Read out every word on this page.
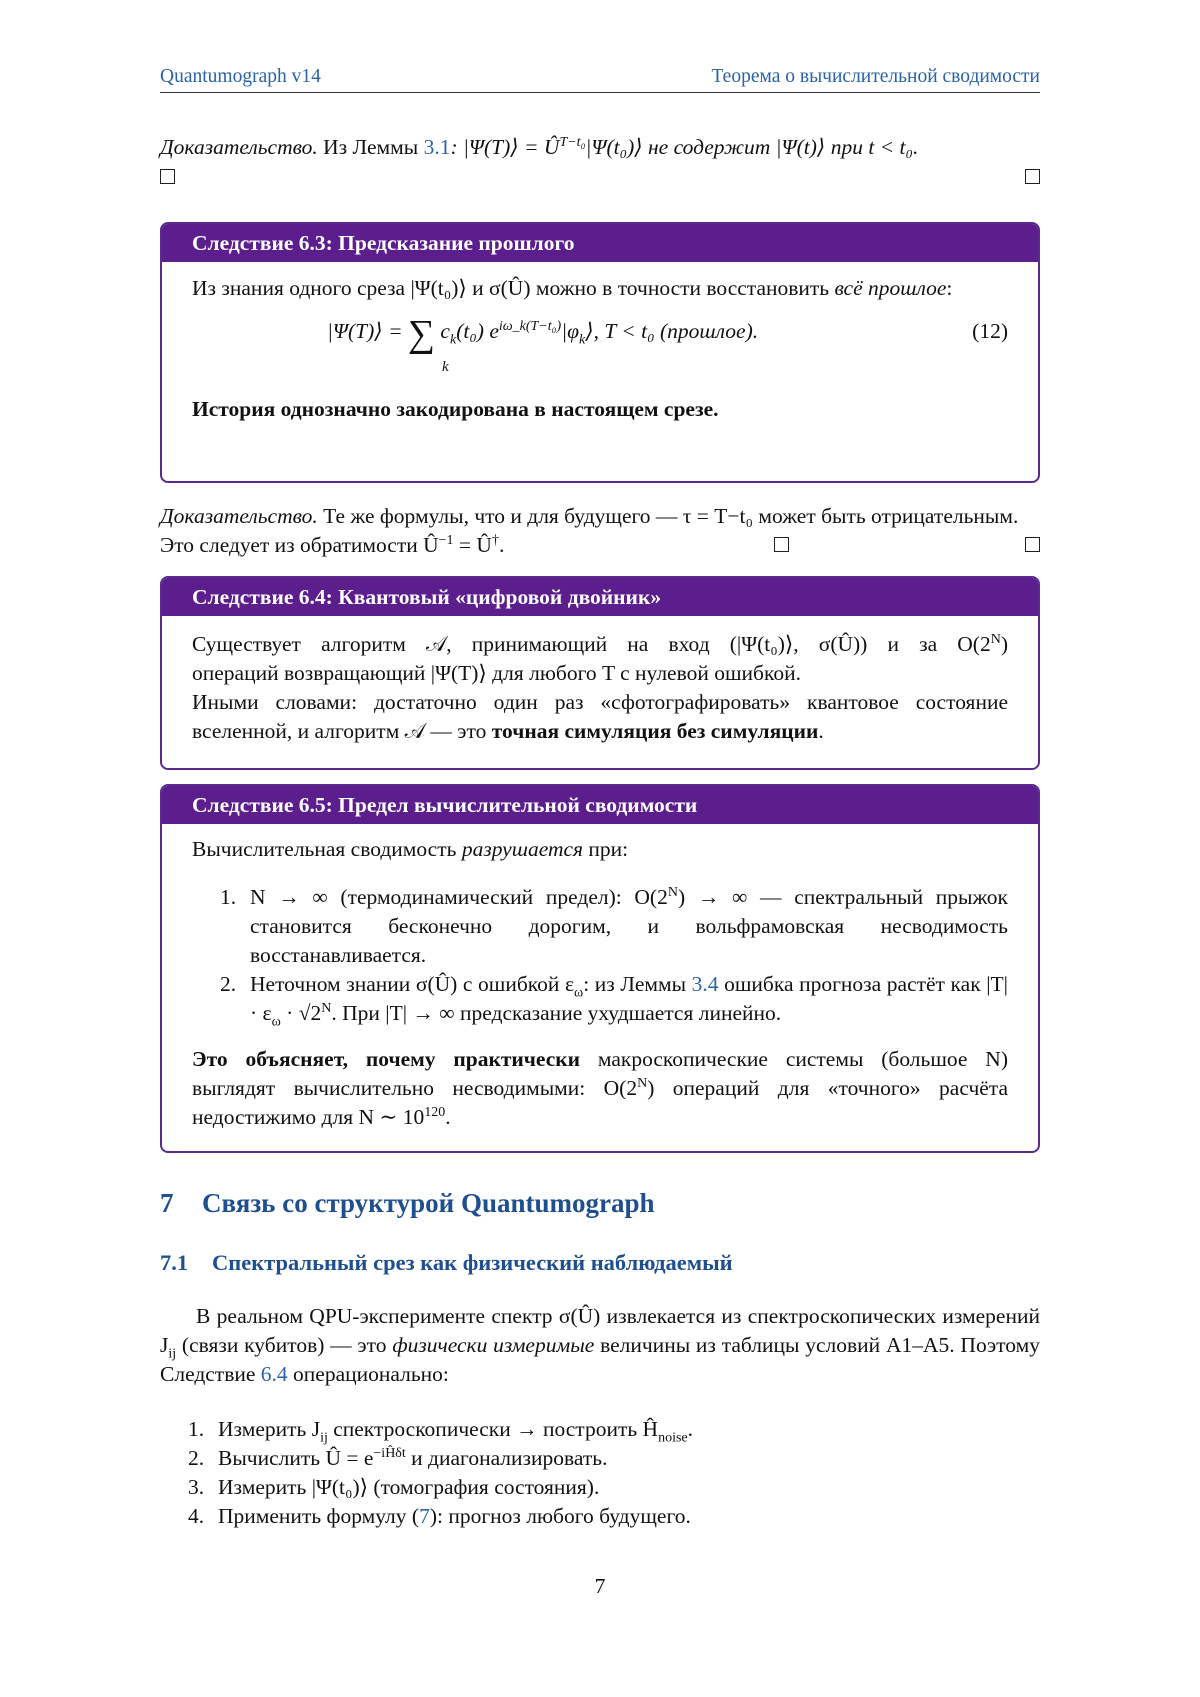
Quantumograph v14	Теорема о вычислительной сводимости
Доказательство. Из Леммы 3.1: |Ψ(T)⟩ = $Û^{T-t_0}|\Psi(t_0)⟩$ не содержит |Ψ(t)⟩ при t < t₀.
Следствие 6.3: Предсказание прошлого
Из знания одного среза |Ψ(t₀)⟩ и σ(Û) можно в точности восстановить всё прошлое:
|Ψ(T)⟩ = ∑ $c_k(t_0)$ $e^{i\omega\_k(T-t_0)}|\varphi_k⟩$, T < t₀ (прошлое).
k
(12)
История однозначно закодирована в настоящем срезе.
Доказательство. Те же формулы, что и для будущего — τ = T−t₀ может быть отрицательным.
Это следует из обратимости $Û^{-1}$ = Û†.
Следствие 6.4: Квантовый «цифровой двойник»
Существует алгоритм 𝒜, принимающий на вход (|Ψ(t₀)⟩, σ(Û)) и за $O(2^N)$
операций возвращающий |Ψ(T)⟩ для любого T с нулевой ошибкой.
Иными словами: достаточно один раз «сфотографировать» квантовое состояние
вселенной, и алгоритм 𝒜 — это точная симуляция без симуляции.
Следствие 6.5: Предел вычислительной сводимости
Вычислительная сводимость разрушается при:
1. N → ∞ (термодинамический предел): $O(2^N)$ → ∞ — спектральный прыжок становится бесконечно дорогим, и вольфрамовская несводимость восстанавливается.
2. Неточном знании σ(Û) с ошибкой $\varepsilon_\omega$: из Леммы 3.4 ошибка прогноза растёт как $|T| \cdot \varepsilon_\omega \cdot √2^N$. При |T| → ∞ предсказание ухудшается линейно.
Это объясняет, почему практически макроскопические системы (большое N) выглядят вычислительно несводимыми: $O(2^N)$ операций для «точного» расчёта недостижимо для N ∼ $10^{120}$.
7 Связь со структурой Quantumograph
7.1 Спектральный срез как физический наблюдаемый
В реальном QPU-эксперименте спектр σ(Û) извлекается из спектроскопических измерений $J_{ij}$ (связи кубитов) — это физически измеримые величины из таблицы условий A1–A5. Поэтому Следствие 6.4 операционально:
1. Измерить $J_{ij}$ спектроскопически → построить $Ĥ_{noise}$.
2. Вычислить Û = $e^{-iĤ\delta t}$ и диагонализировать.
3. Измерить |Ψ(t₀)⟩ (томография состояния).
4. Применить формулу (7): прогноз любого будущего.
7
